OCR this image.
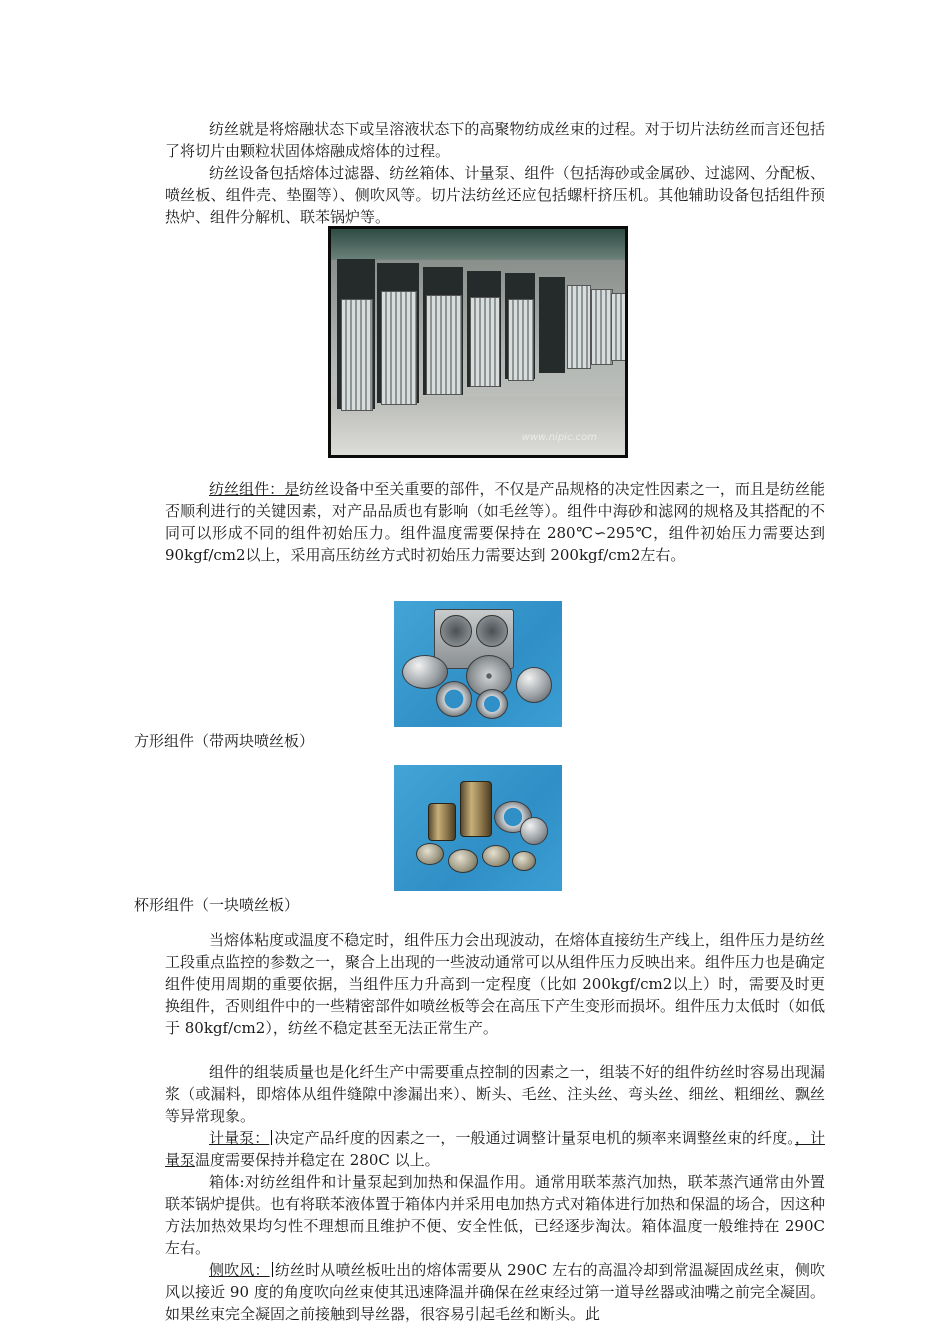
纺丝就是将熔融状态下或呈溶液状态下的高聚物纺成丝束的过程。对于切片法纺丝而言还包括了将切片由颗粒状固体熔融成熔体的过程。

纺丝设备包括熔体过滤器、纺丝箱体、计量泵、组件（包括海砂或金属砂、过滤网、分配板、喷丝板、组件壳、垫圈等）、侧吹风等。切片法纺丝还应包括螺杆挤压机。其他辅助设备包括组件预热炉、组件分解机、联苯锅炉等。

www.nipic.com

纺丝组件：是纺丝设备中至关重要的部件，不仅是产品规格的决定性因素之一，而且是纺丝能否顺利进行的关键因素，对产品品质也有影响（如毛丝等）。组件中海砂和滤网的规格及其搭配的不同可以形成不同的组件初始压力。组件温度需要保持在 280℃∽295℃，组件初始压力需要达到 90kgf/cm2以上，采用高压纺丝方式时初始压力需要达到 200kgf/cm2左右。

方形组件（带两块喷丝板）

杯形组件（一块喷丝板）

当熔体粘度或温度不稳定时，组件压力会出现波动，在熔体直接纺生产线上，组件压力是纺丝工段重点监控的参数之一，聚合上出现的一些波动通常可以从组件压力反映出来。组件压力也是确定组件使用周期的重要依据，当组件压力升高到一定程度（比如 200kgf/cm2以上）时，需要及时更换组件，否则组件中的一些精密部件如喷丝板等会在高压下产生变形而损坏。组件压力太低时（如低于 80kgf/cm2），纺丝不稳定甚至无法正常生产。

组件的组装质量也是化纤生产中需要重点控制的因素之一，组装不好的组件纺丝时容易出现漏浆（或漏料，即熔体从组件缝隙中渗漏出来）、断头、毛丝、注头丝、弯头丝、细丝、粗细丝、飘丝等异常现象。

计量泵： 决定产品纤度的因素之一，一般通过调整计量泵电机的频率来调整丝束的纤度。，计量泵温度需要保持并稳定在 280C 以上。

箱体:对纺丝组件和计量泵起到加热和保温作用。通常用联苯蒸汽加热，联苯蒸汽通常由外置联苯锅炉提供。也有将联苯液体置于箱体内并采用电加热方式对箱体进行加热和保温的场合，因这种方法加热效果均匀性不理想而且维护不便、安全性低，已经逐步淘汰。箱体温度一般维持在 290C 左右。

侧吹风： 纺丝时从喷丝板吐出的熔体需要从 290C 左右的高温冷却到常温凝固成丝束，侧吹风以接近 90 度的角度吹向丝束使其迅速降温并确保在丝束经过第一道导丝器或油嘴之前完全凝固。如果丝束完全凝固之前接触到导丝器，很容易引起毛丝和断头。此
